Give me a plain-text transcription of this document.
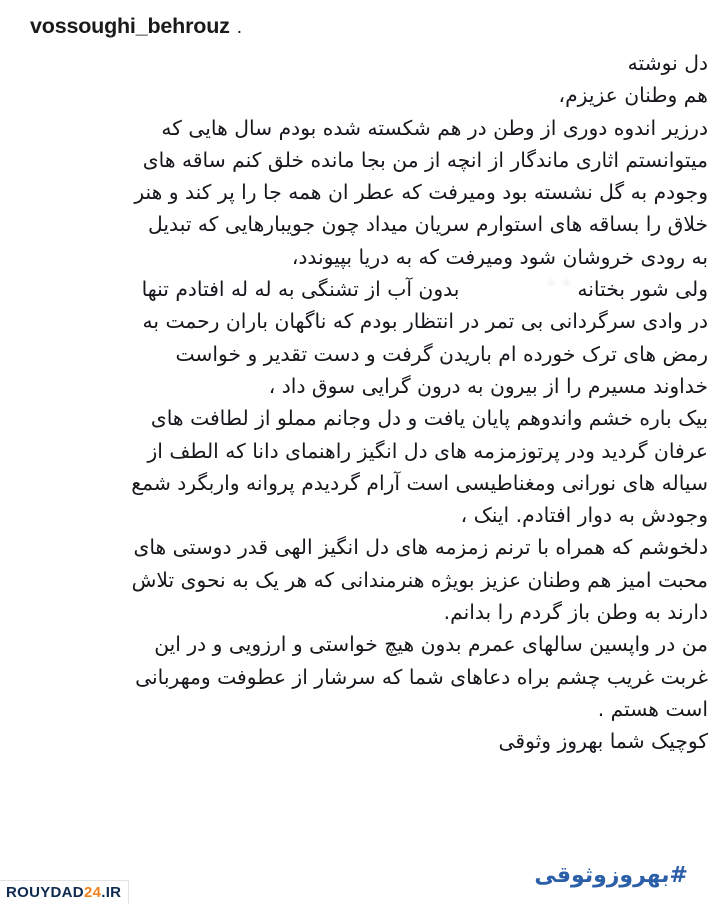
vossoughi_behrouz .
دل نوشته
هم وطنان عزیزم،
درزیر اندوه دوری از وطن در هم شکسته شده بودم سال هایی که
میتوانستم اثاری ماندگار از انچه از من بجا مانده خلق کنم ساقه های
وجودم به گل نشسته بود ومیرفت که عطر ان همه جا را پر کند و هنر
خلاق را بساقه های استوارم سریان میداد چون جویبارهایی که تبدیل
به رودی خروشان شود ومیرفت که به دریا بپیوندد،
ولی شور بختانه
؞ ؞
بدون آب از تشنگی به له له افتادم تنها
در وادی سرگردانی بی تمر در انتظار بودم که ناگهان باران رحمت به
رمض های ترک خورده ام باریدن گرفت و دست تقدیر و خواست
خداوند مسیرم را از بیرون به درون گرایی سوق داد ،
بیک باره خشم واندوهم پایان یافت و دل وجانم مملو از لطافت های
عرفان گردید ودر پرتوزمزمه های دل انگیز راهنمای دانا که الطف از
سیاله های نورانی ومغناطیسی است آرام گردیدم پروانه واربگرد شمع
وجودش به دوار افتادم. اینک ،
دلخوشم که همراه با ترنم زمزمه های دل انگیز الهی قدر دوستی های
محبت امیز هم وطنان عزیز بویژه هنرمندانی که هر یک به نحوی تلاش
دارند به وطن باز گردم را بدانم.
من در واپسین سالهای عمرم بدون هیچ خواستی و ارزویی و در این
غربت غریب چشم براه دعاهای شما که سرشار از عطوفت ومهربانی
است هستم .
کوچیک شما بهروز وثوقی
#بهروزوثوقی
ROUYDAD 24 .IR
